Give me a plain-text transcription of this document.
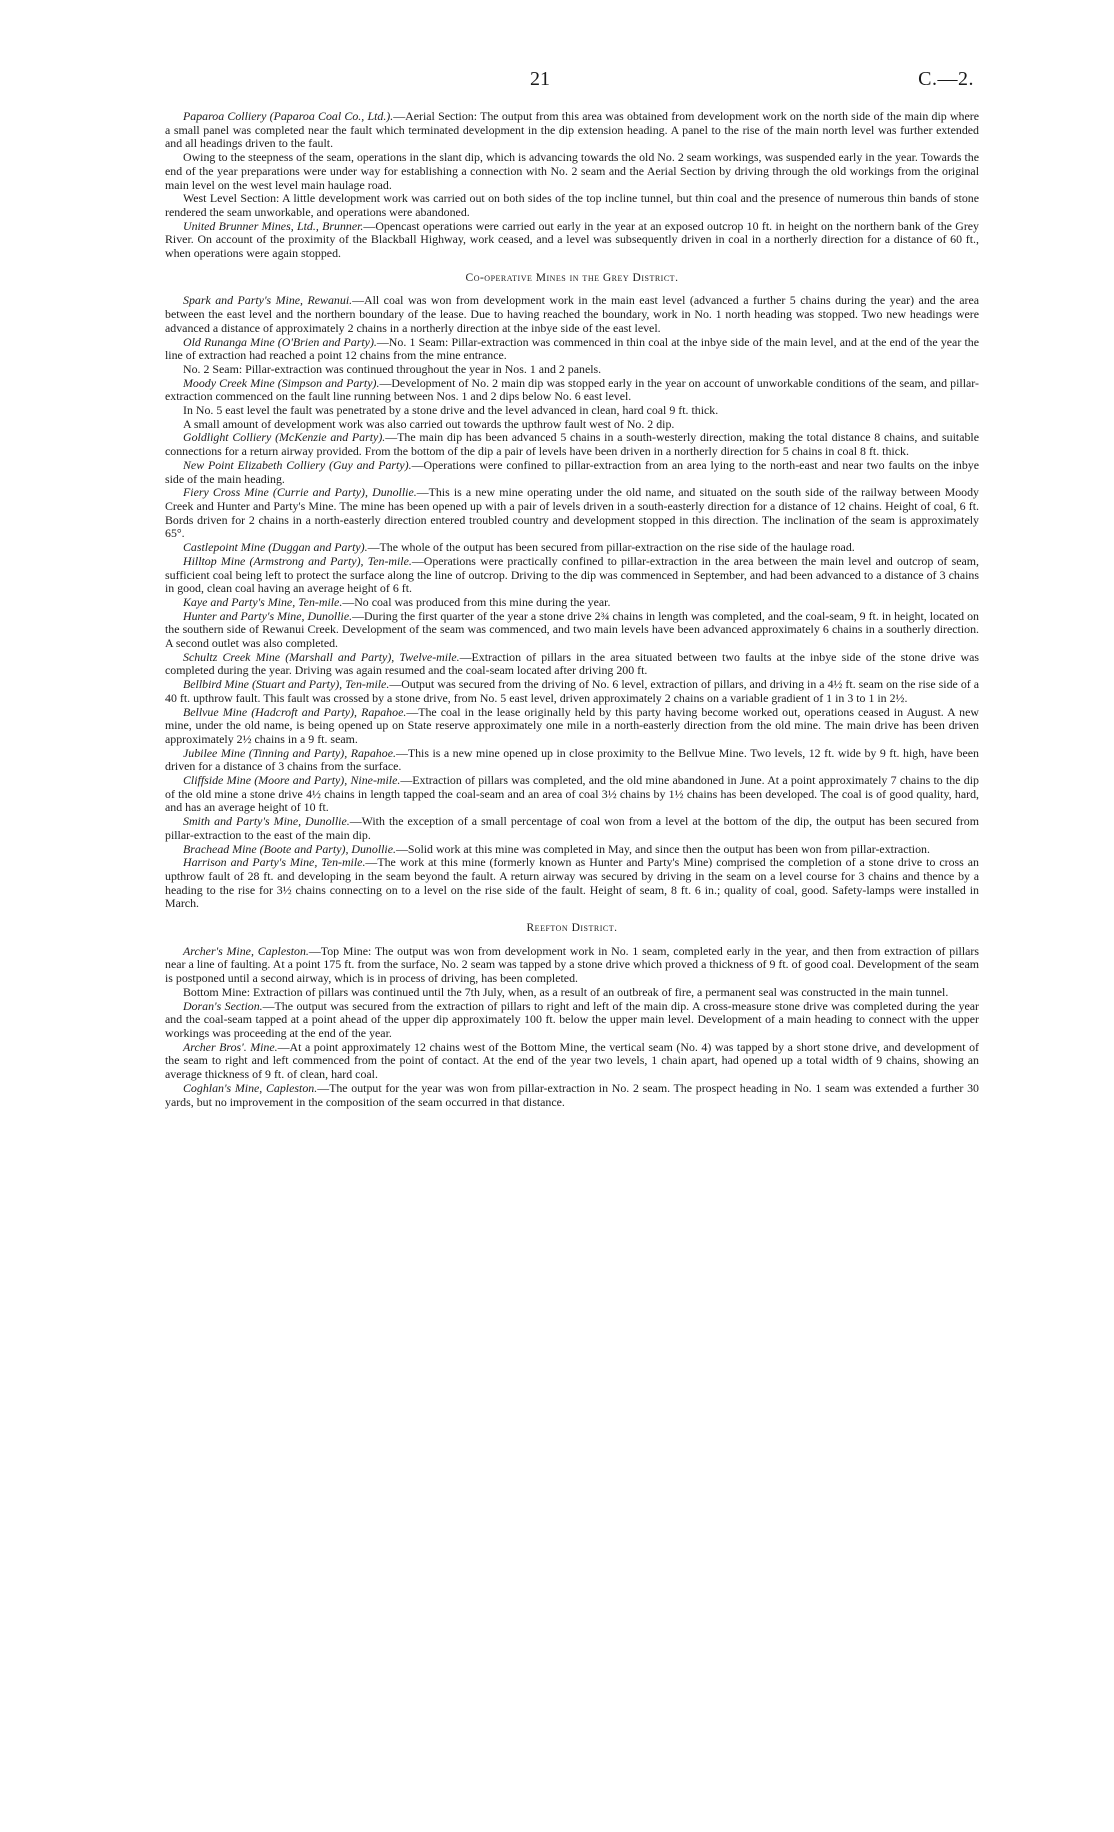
21	C.—2.

Paparoa Colliery (Paparoa Coal Co., Ltd.).—Aerial Section: The output from this area was obtained from development work on the north side of the main dip where a small panel was completed near the fault which terminated development in the dip extension heading. A panel to the rise of the main north level was further extended and all headings driven to the fault.

Owing to the steepness of the seam, operations in the slant dip, which is advancing towards the old No. 2 seam workings, was suspended early in the year. Towards the end of the year preparations were under way for establishing a connection with No. 2 seam and the Aerial Section by driving through the old workings from the original main level on the west level main haulage road.

West Level Section: A little development work was carried out on both sides of the top incline tunnel, but thin coal and the presence of numerous thin bands of stone rendered the seam unworkable, and operations were abandoned.

United Brunner Mines, Ltd., Brunner.—Opencast operations were carried out early in the year at an exposed outcrop 10 ft. in height on the northern bank of the Grey River. On account of the proximity of the Blackball Highway, work ceased, and a level was subsequently driven in coal in a northerly direction for a distance of 60 ft., when operations were again stopped.

Co-operative Mines in the Grey District.

Spark and Party's Mine, Rewanui.—All coal was won from development work in the main east level (advanced a further 5 chains during the year) and the area between the east level and the northern boundary of the lease. Due to having reached the boundary, work in No. 1 north heading was stopped. Two new headings were advanced a distance of approximately 2 chains in a northerly direction at the inbye side of the east level.

Old Runanga Mine (O'Brien and Party).—No. 1 Seam: Pillar-extraction was commenced in thin coal at the inbye side of the main level, and at the end of the year the line of extraction had reached a point 12 chains from the mine entrance.

No. 2 Seam: Pillar-extraction was continued throughout the year in Nos. 1 and 2 panels.

Moody Creek Mine (Simpson and Party).—Development of No. 2 main dip was stopped early in the year on account of unworkable conditions of the seam, and pillar-extraction commenced on the fault line running between Nos. 1 and 2 dips below No. 6 east level.

In No. 5 east level the fault was penetrated by a stone drive and the level advanced in clean, hard coal 9 ft. thick.

A small amount of development work was also carried out towards the upthrow fault west of No. 2 dip.

Goldlight Colliery (McKenzie and Party).—The main dip has been advanced 5 chains in a south-westerly direction, making the total distance 8 chains, and suitable connections for a return airway provided. From the bottom of the dip a pair of levels have been driven in a northerly direction for 5 chains in coal 8 ft. thick.

New Point Elizabeth Colliery (Guy and Party).—Operations were confined to pillar-extraction from an area lying to the north-east and near two faults on the inbye side of the main heading.

Fiery Cross Mine (Currie and Party), Dunollie.—This is a new mine operating under the old name, and situated on the south side of the railway between Moody Creek and Hunter and Party's Mine. The mine has been opened up with a pair of levels driven in a south-easterly direction for a distance of 12 chains. Height of coal, 6 ft. Bords driven for 2 chains in a north-easterly direction entered troubled country and development stopped in this direction. The inclination of the seam is approximately 65°.

Castlepoint Mine (Duggan and Party).—The whole of the output has been secured from pillar-extraction on the rise side of the haulage road.

Hilltop Mine (Armstrong and Party), Ten-mile.—Operations were practically confined to pillar-extraction in the area between the main level and outcrop of seam, sufficient coal being left to protect the surface along the line of outcrop. Driving to the dip was commenced in September, and had been advanced to a distance of 3 chains in good, clean coal having an average height of 6 ft.

Kaye and Party's Mine, Ten-mile.—No coal was produced from this mine during the year.

Hunter and Party's Mine, Dunollie.—During the first quarter of the year a stone drive 2¾ chains in length was completed, and the coal-seam, 9 ft. in height, located on the southern side of Rewanui Creek. Development of the seam was commenced, and two main levels have been advanced approximately 6 chains in a southerly direction. A second outlet was also completed.

Schultz Creek Mine (Marshall and Party), Twelve-mile.—Extraction of pillars in the area situated between two faults at the inbye side of the stone drive was completed during the year. Driving was again resumed and the coal-seam located after driving 200 ft.

Bellbird Mine (Stuart and Party), Ten-mile.—Output was secured from the driving of No. 6 level, extraction of pillars, and driving in a 4½ ft. seam on the rise side of a 40 ft. upthrow fault. This fault was crossed by a stone drive, from No. 5 east level, driven approximately 2 chains on a variable gradient of 1 in 3 to 1 in 2½.

Bellvue Mine (Hadcroft and Party), Rapahoe.—The coal in the lease originally held by this party having become worked out, operations ceased in August. A new mine, under the old name, is being opened up on State reserve approximately one mile in a north-easterly direction from the old mine. The main drive has been driven approximately 2½ chains in a 9 ft. seam.

Jubilee Mine (Tinning and Party), Rapahoe.—This is a new mine opened up in close proximity to the Bellvue Mine. Two levels, 12 ft. wide by 9 ft. high, have been driven for a distance of 3 chains from the surface.

Cliffside Mine (Moore and Party), Nine-mile.—Extraction of pillars was completed, and the old mine abandoned in June. At a point approximately 7 chains to the dip of the old mine a stone drive 4½ chains in length tapped the coal-seam and an area of coal 3½ chains by 1½ chains has been developed. The coal is of good quality, hard, and has an average height of 10 ft.

Smith and Party's Mine, Dunollie.—With the exception of a small percentage of coal won from a level at the bottom of the dip, the output has been secured from pillar-extraction to the east of the main dip.

Brachead Mine (Boote and Party), Dunollie.—Solid work at this mine was completed in May, and since then the output has been won from pillar-extraction.

Harrison and Party's Mine, Ten-mile.—The work at this mine (formerly known as Hunter and Party's Mine) comprised the completion of a stone drive to cross an upthrow fault of 28 ft. and developing in the seam beyond the fault. A return airway was secured by driving in the seam on a level course for 3 chains and thence by a heading to the rise for 3½ chains connecting on to a level on the rise side of the fault. Height of seam, 8 ft. 6 in.; quality of coal, good. Safety-lamps were installed in March.

Reefton District.

Archer's Mine, Capleston.—Top Mine: The output was won from development work in No. 1 seam, completed early in the year, and then from extraction of pillars near a line of faulting. At a point 175 ft. from the surface, No. 2 seam was tapped by a stone drive which proved a thickness of 9 ft. of good coal. Development of the seam is postponed until a second airway, which is in process of driving, has been completed.

Bottom Mine: Extraction of pillars was continued until the 7th July, when, as a result of an outbreak of fire, a permanent seal was constructed in the main tunnel.

Doran's Section.—The output was secured from the extraction of pillars to right and left of the main dip. A cross-measure stone drive was completed during the year and the coal-seam tapped at a point ahead of the upper dip approximately 100 ft. below the upper main level. Development of a main heading to connect with the upper workings was proceeding at the end of the year.

Archer Bros'. Mine.—At a point approximately 12 chains west of the Bottom Mine, the vertical seam (No. 4) was tapped by a short stone drive, and development of the seam to right and left commenced from the point of contact. At the end of the year two levels, 1 chain apart, had opened up a total width of 9 chains, showing an average thickness of 9 ft. of clean, hard coal.

Coghlan's Mine, Capleston.—The output for the year was won from pillar-extraction in No. 2 seam. The prospect heading in No. 1 seam was extended a further 30 yards, but no improvement in the composition of the seam occurred in that distance.
